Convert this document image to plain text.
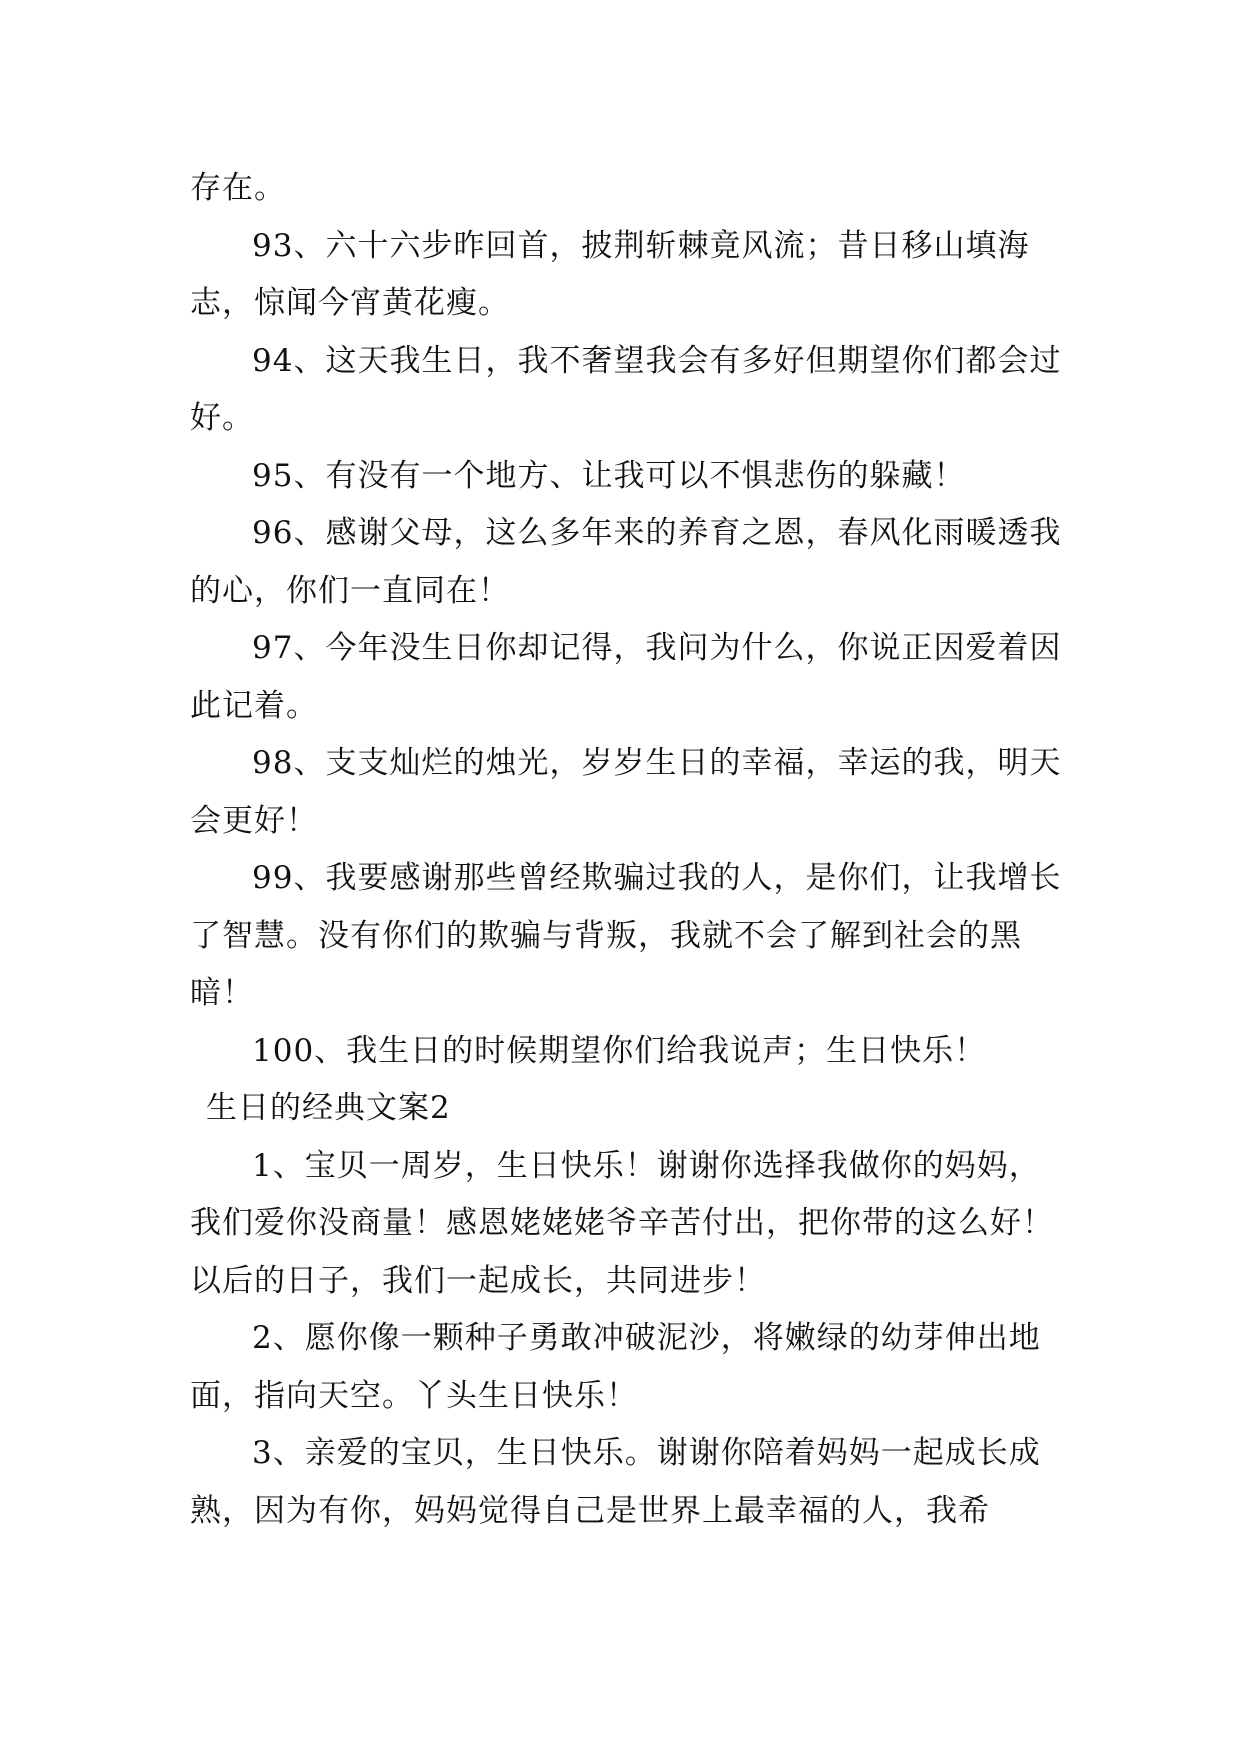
存在。

93、六十六步昨回首，披荆斩棘竟风流；昔日移山填海志，惊闻今宵黄花瘦。

94、这天我生日，我不奢望我会有多好但期望你们都会过好。

95、有没有一个地方、让我可以不惧悲伤的躲藏！

96、感谢父母，这么多年来的养育之恩，春风化雨暖透我的心，你们一直同在！

97、今年没生日你却记得，我问为什么，你说正因爱着因此记着。

98、支支灿烂的烛光，岁岁生日的幸福，幸运的我，明天会更好！

99、我要感谢那些曾经欺骗过我的人，是你们，让我增长了智慧。没有你们的欺骗与背叛，我就不会了解到社会的黑暗！

100、我生日的时候期望你们给我说声；生日快乐！

生日的经典文案2

1、宝贝一周岁，生日快乐！谢谢你选择我做你的妈妈，我们爱你没商量！感恩姥姥姥爷辛苦付出，把你带的这么好！以后的日子，我们一起成长，共同进步！

2、愿你像一颗种子勇敢冲破泥沙，将嫩绿的幼芽伸出地面，指向天空。丫头生日快乐！

3、亲爱的宝贝，生日快乐。谢谢你陪着妈妈一起成长成熟，因为有你，妈妈觉得自己是世界上最幸福的人，我希
